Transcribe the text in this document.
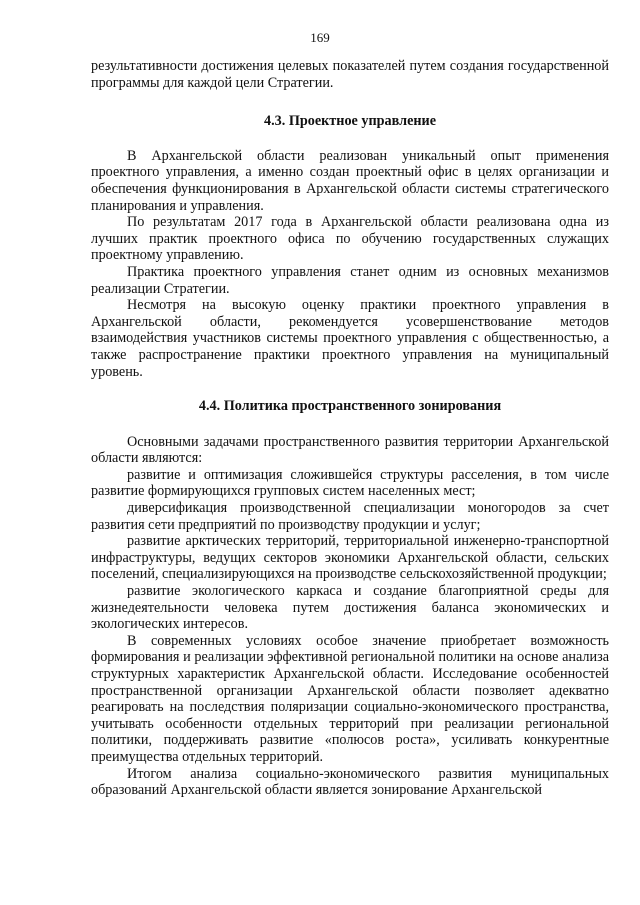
169

результативности достижения целевых показателей путем создания государственной программы для каждой цели Стратегии.

4.3. Проектное управление

В Архангельской области реализован уникальный опыт применения проектного управления, а именно создан проектный офис в целях организации и обеспечения функционирования в Архангельской области системы стратегического планирования и управления.

По результатам 2017 года в Архангельской области реализована одна из лучших практик проектного офиса по обучению государственных служащих проектному управлению.

Практика проектного управления станет одним из основных механизмов реализации Стратегии.

Несмотря на высокую оценку практики проектного управления в Архангельской области, рекомендуется усовершенствование методов взаимодействия участников системы проектного управления с общественностью, а также распространение практики проектного управления на муниципальный уровень.

4.4. Политика пространственного зонирования

Основными задачами пространственного развития территории Архангельской области являются:

развитие и оптимизация сложившейся структуры расселения, в том числе развитие формирующихся групповых систем населенных мест;

диверсификация производственной специализации моногородов за счет развития сети предприятий по производству продукции и услуг;

развитие арктических территорий, территориальной инженерно-транспортной инфраструктуры, ведущих секторов экономики Архангельской области, сельских поселений, специализирующихся на производстве сельскохозяйственной продукции;

развитие экологического каркаса и создание благоприятной среды для жизнедеятельности человека путем достижения баланса экономических и экологических интересов.

В современных условиях особое значение приобретает возможность формирования и реализации эффективной региональной политики на основе анализа структурных характеристик Архангельской области. Исследование особенностей пространственной организации Архангельской области позволяет адекватно реагировать на последствия поляризации социально-экономического пространства, учитывать особенности отдельных территорий при реализации региональной политики, поддерживать развитие «полюсов роста», усиливать конкурентные преимущества отдельных территорий.

Итогом анализа социально-экономического развития муниципальных образований Архангельской области является зонирование Архангельской
